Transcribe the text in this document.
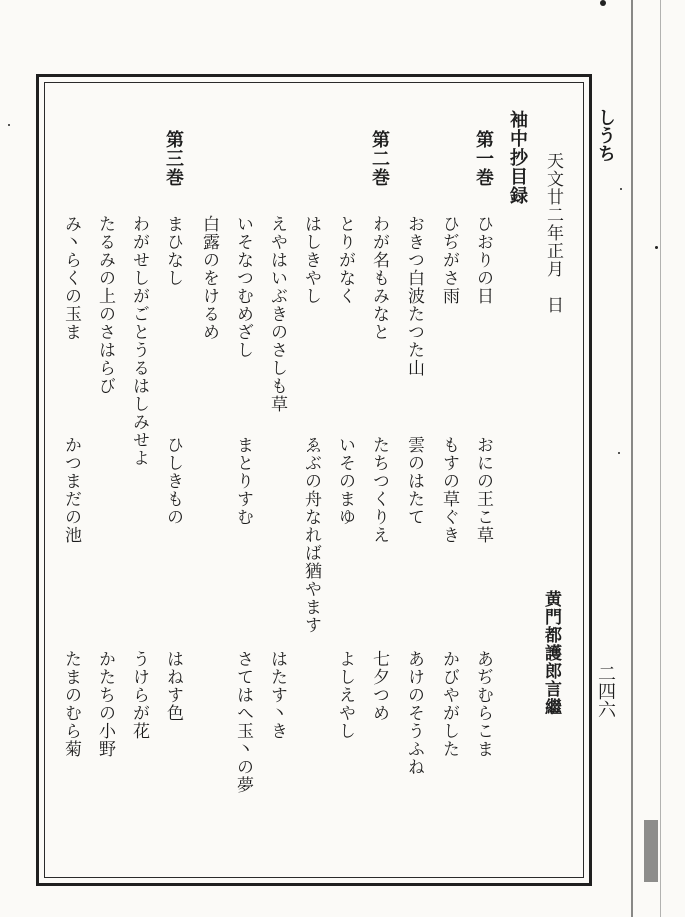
しうち
二四六
天文廿二年正月　日
袖中抄目録
黄門都護郎言繼
第一巻
ひおりの日
おにの王こ草
あぢむらこま
ひぢがさ雨
もすの草ぐき
かびやがした
おきつ白波たつた山
雲のはたて
あけのそうふね
第二巻
わが名もみなと
たちつくりえ
七夕つめ
とりがなく
いそのまゆ
よしえやし
はしきやし
ゑぶの舟なれば猶やます
えやはいぶきのさしも草
はたす丶き
いそなつむめざし
まとりすむ
さてはへ玉丶の夢
白露のをけるめ
第三巻
まひなし
ひしきもの
はねす色
わがせしがごとうるはしみせよ
うけらが花
たるみの上のさはらび
かたちの小野
み丶らくの玉ま
かつまだの池
たまのむら菊
